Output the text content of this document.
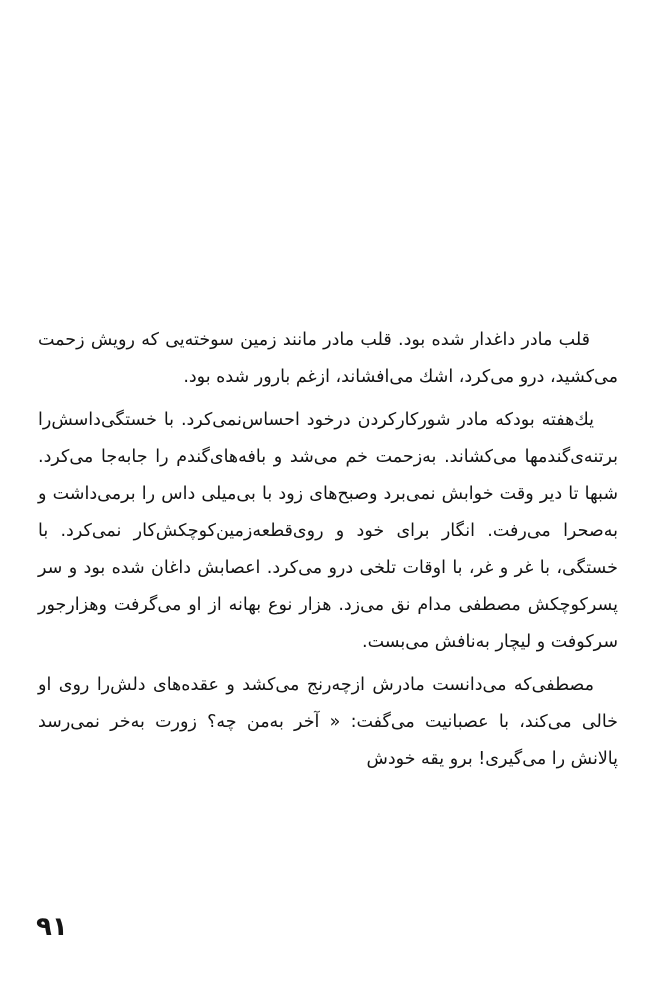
قلب مادر داغدار شده بود. قلب مادر مانند زمین سوخته‌یی که رویش زحمت می‌کشید، درو می‌کرد، اشك می‌افشاند، ازغم بارور شده بود.

يك‌هفته بودكه مادر شوركاركردن درخود احساس‌نمی‌کرد. با خستگی‌داسش‌را برتنه‌ی‌گندمها می‌کشاند. به‌زحمت خم می‌شد و بافه‌های‌گندم را جابه‌جا می‌کرد. شبها تا دیر وقت خوابش نمی‌برد وصبح‌های زود با بی‌میلی داس را برمی‌داشت و به‌صحرا می‌رفت. انگار برای خود و روی‌قطعه‌زمین‌کوچکش‌کار نمی‌کرد. با خستگی، با غر و غر، با اوقات تلخی درو می‌کرد. اعصابش داغان شده بود و سر پسرکوچکش مصطفی مدام نق می‌زد. هزار نوع بهانه از او می‌گرفت وهزارجور سرکوفت و لیچار به‌نافش می‌بست.

مصطفی‌که می‌دانست مادرش ازچه‌رنج می‌کشد و عقده‌های دلش‌را روی او خالی می‌کند، با عصبانیت می‌گفت: « آخر به‌من چه؟ زورت به‌خر نمی‌رسد پالانش را می‌گیری! برو یقه خودش

۹۱
